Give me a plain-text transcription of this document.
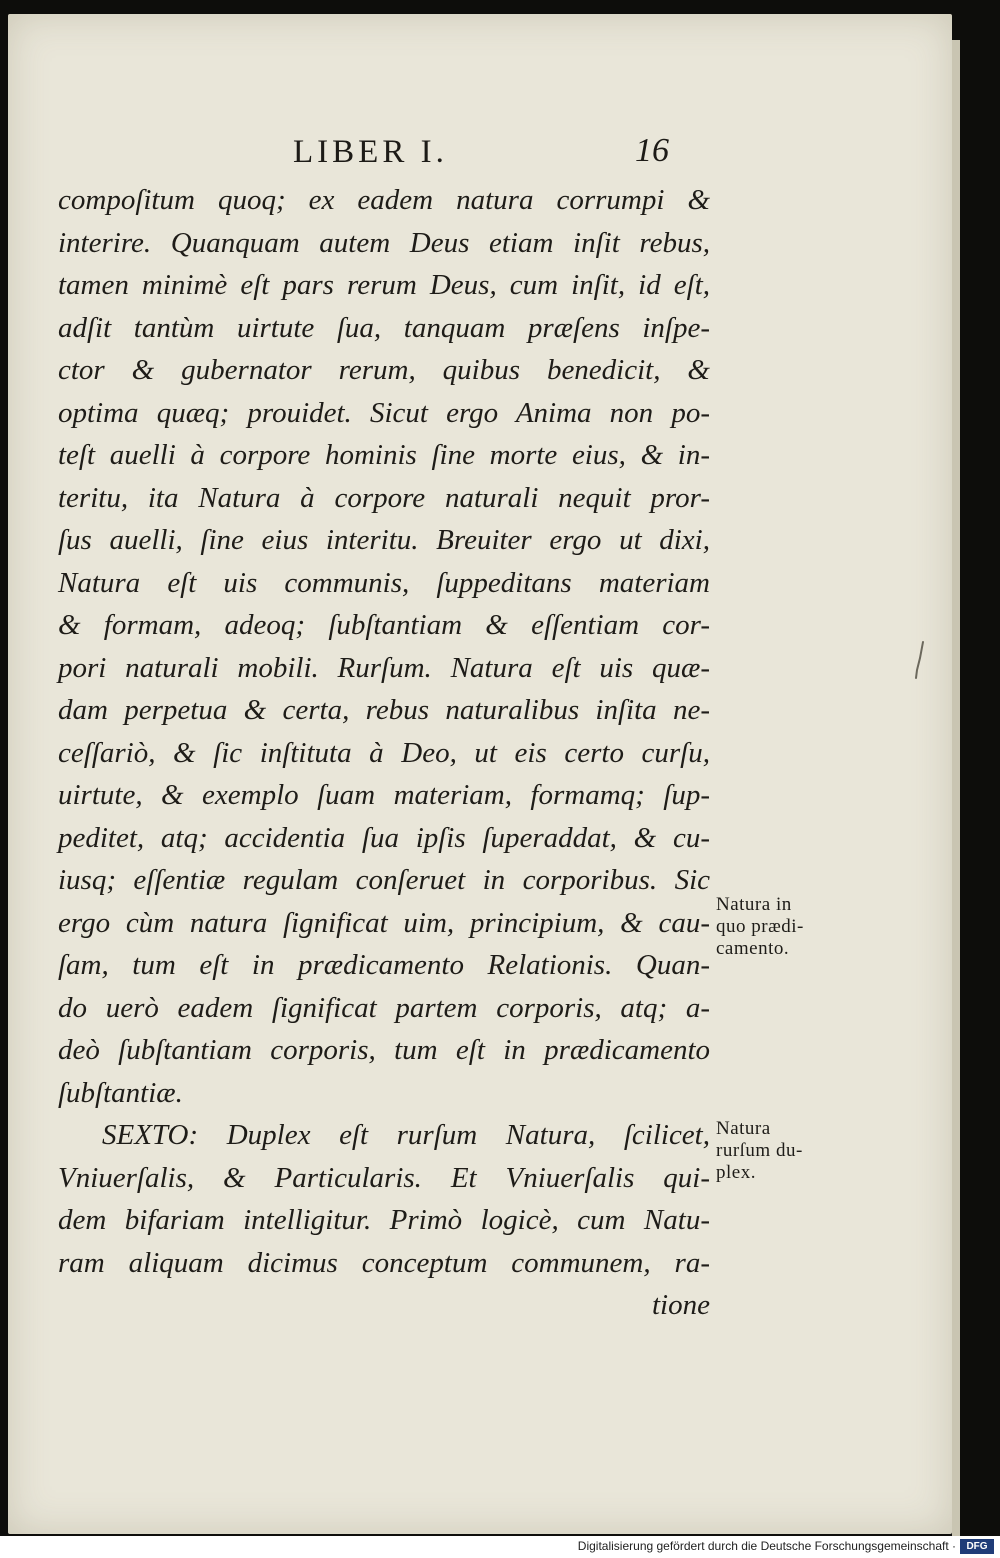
LIBER I.	16
compoſitum quoq; ex eadem natura corrumpi &
interire. Quanquam autem Deus etiam inſit rebus,
tamen minimè eſt pars rerum Deus, cum inſit, id eſt,
adſit tantùm uirtute ſua, tanquam præſens inſpe-
ctor & gubernator rerum, quibus benedicit, &
optima quæq; prouidet. Sicut ergo Anima non po-
teſt auelli à corpore hominis ſine morte eius, & in-
teritu, ita Natura à corpore naturali nequit pror-
ſus auelli, ſine eius interitu. Breuiter ergo ut dixi,
Natura eſt uis communis, ſuppeditans materiam
& formam, adeoq; ſubſtantiam & eſſentiam cor-
pori naturali mobili. Rurſum. Natura eſt uis quæ-
dam perpetua & certa, rebus naturalibus inſita ne-
ceſſariò, & ſic inſtituta à Deo, ut eis certo curſu,
uirtute, & exemplo ſuam materiam, formamq; ſup-
peditet, atq; accidentia ſua ipſis ſuperaddat, & cu-
iusq; eſſentiæ regulam conſeruet in corporibus. Sic
ergo cùm natura ſignificat uim, principium, & cau-
ſam, tum eſt in prædicamento Relationis. Quan-
do uerò eadem ſignificat partem corporis, atq; a-
deò ſubſtantiam corporis, tum eſt in prædicamento
ſubſtantiæ.
SEXTO: Duplex eſt rurſum Natura, ſcilicet,
Vniuerſalis, & Particularis. Et Vniuerſalis qui-
dem bifariam intelligitur. Primò logicè, cum Natu-
ram aliquam dicimus conceptum communem, ra-
tione
Natura in
quo prædi-
camento.
Natura
rurſum du-
plex.
Digitalisierung gefördert durch die Deutsche Forschungsgemeinschaft ·	DFG
